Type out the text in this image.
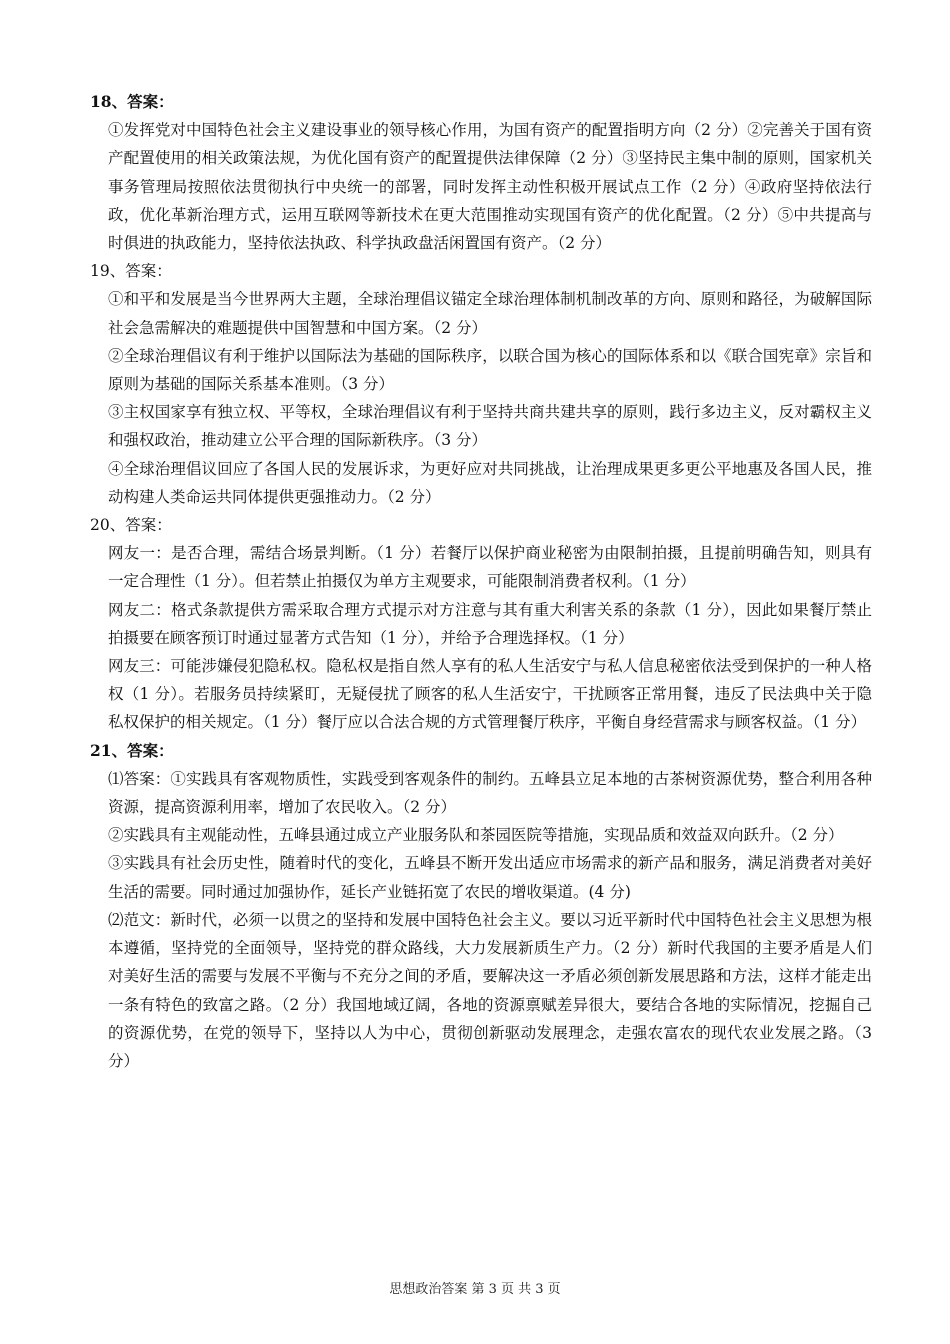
18、答案：

①发挥党对中国特色社会主义建设事业的领导核心作用，为国有资产的配置指明方向（2 分）②完善关于国有资产配置使用的相关政策法规，为优化国有资产的配置提供法律保障（2 分）③坚持民主集中制的原则，国家机关事务管理局按照依法贯彻执行中央统一的部署，同时发挥主动性积极开展试点工作（2 分）④政府坚持依法行政，优化革新治理方式，运用互联网等新技术在更大范围推动实现国有资产的优化配置。（2 分）⑤中共提高与时俱进的执政能力，坚持依法执政、科学执政盘活闲置国有资产。（2 分）

19、答案：

①和平和发展是当今世界两大主题，全球治理倡议锚定全球治理体制机制改革的方向、原则和路径，为破解国际社会急需解决的难题提供中国智慧和中国方案。（2 分）

②全球治理倡议有利于维护以国际法为基础的国际秩序，以联合国为核心的国际体系和以《联合国宪章》宗旨和原则为基础的国际关系基本准则。（3 分）

③主权国家享有独立权、平等权，全球治理倡议有利于坚持共商共建共享的原则，践行多边主义，反对霸权主义和强权政治，推动建立公平合理的国际新秩序。（3 分）

④全球治理倡议回应了各国人民的发展诉求，为更好应对共同挑战，让治理成果更多更公平地惠及各国人民，推动构建人类命运共同体提供更强推动力。（2 分）

20、答案：

网友一：是否合理，需结合场景判断。（1 分）若餐厅以保护商业秘密为由限制拍摄，且提前明确告知，则具有一定合理性（1 分）。但若禁止拍摄仅为单方主观要求，可能限制消费者权利。（1 分）

网友二：格式条款提供方需采取合理方式提示对方注意与其有重大利害关系的条款（1 分），因此如果餐厅禁止拍摄要在顾客预订时通过显著方式告知（1 分），并给予合理选择权。（1 分）

网友三：可能涉嫌侵犯隐私权。隐私权是指自然人享有的私人生活安宁与私人信息秘密依法受到保护的一种人格权（1 分）。若服务员持续紧盯，无疑侵扰了顾客的私人生活安宁，干扰顾客正常用餐，违反了民法典中关于隐私权保护的相关规定。（1 分）餐厅应以合法合规的方式管理餐厅秩序，平衡自身经营需求与顾客权益。（1 分）

21、答案：

⑴答案：①实践具有客观物质性，实践受到客观条件的制约。五峰县立足本地的古茶树资源优势，整合利用各种资源，提高资源利用率，增加了农民收入。（2 分）

②实践具有主观能动性，五峰县通过成立产业服务队和茶园医院等措施，实现品质和效益双向跃升。（2 分）

③实践具有社会历史性，随着时代的变化，五峰县不断开发出适应市场需求的新产品和服务，满足消费者对美好生活的需要。同时通过加强协作，延长产业链拓宽了农民的增收渠道。(4 分)

⑵范文：新时代，必须一以贯之的坚持和发展中国特色社会主义。要以习近平新时代中国特色社会主义思想为根本遵循，坚持党的全面领导，坚持党的群众路线，大力发展新质生产力。（2 分）新时代我国的主要矛盾是人们对美好生活的需要与发展不平衡与不充分之间的矛盾，要解决这一矛盾必须创新发展思路和方法，这样才能走出一条有特色的致富之路。（2 分）我国地域辽阔，各地的资源禀赋差异很大，要结合各地的实际情况，挖掘自己的资源优势，在党的领导下，坚持以人为中心，贯彻创新驱动发展理念，走强农富农的现代农业发展之路。（3 分）

思想政治答案 第 3 页 共 3 页
